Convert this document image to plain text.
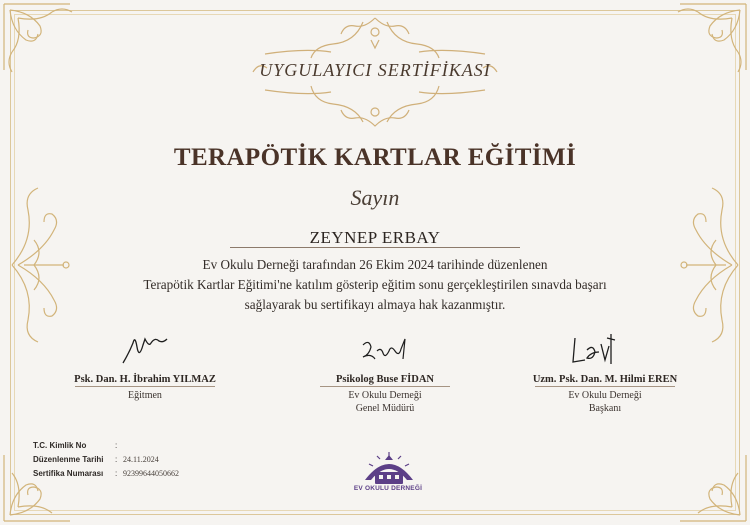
UYGULAYICI SERTİFİKASI
TERAPÖTİK KARTLAR EĞİTİMİ
Sayın
ZEYNEP ERBAY
Ev Okulu Derneği tarafından 26 Ekim 2024 tarihinde düzenlenen
Terapötik Kartlar Eğitimi'ne katılım gösterip eğitim sonu gerçekleştirilen sınavda başarı
sağlayarak bu sertifikayı almaya hak kazanmıştır.
Psk. Dan. H. İbrahim YILMAZ
Eğitmen
Psikolog Buse FİDAN
Ev Okulu Derneği
Genel Müdürü
Uzm. Psk. Dan. M. Hilmi EREN
Ev Okulu Derneği
Başkanı
T.C. Kimlik No	:
Düzenlenme Tarihi : 24.11.2024
Sertifika Numarası : 92399644050662
EV OKULU DERNEĞİ
